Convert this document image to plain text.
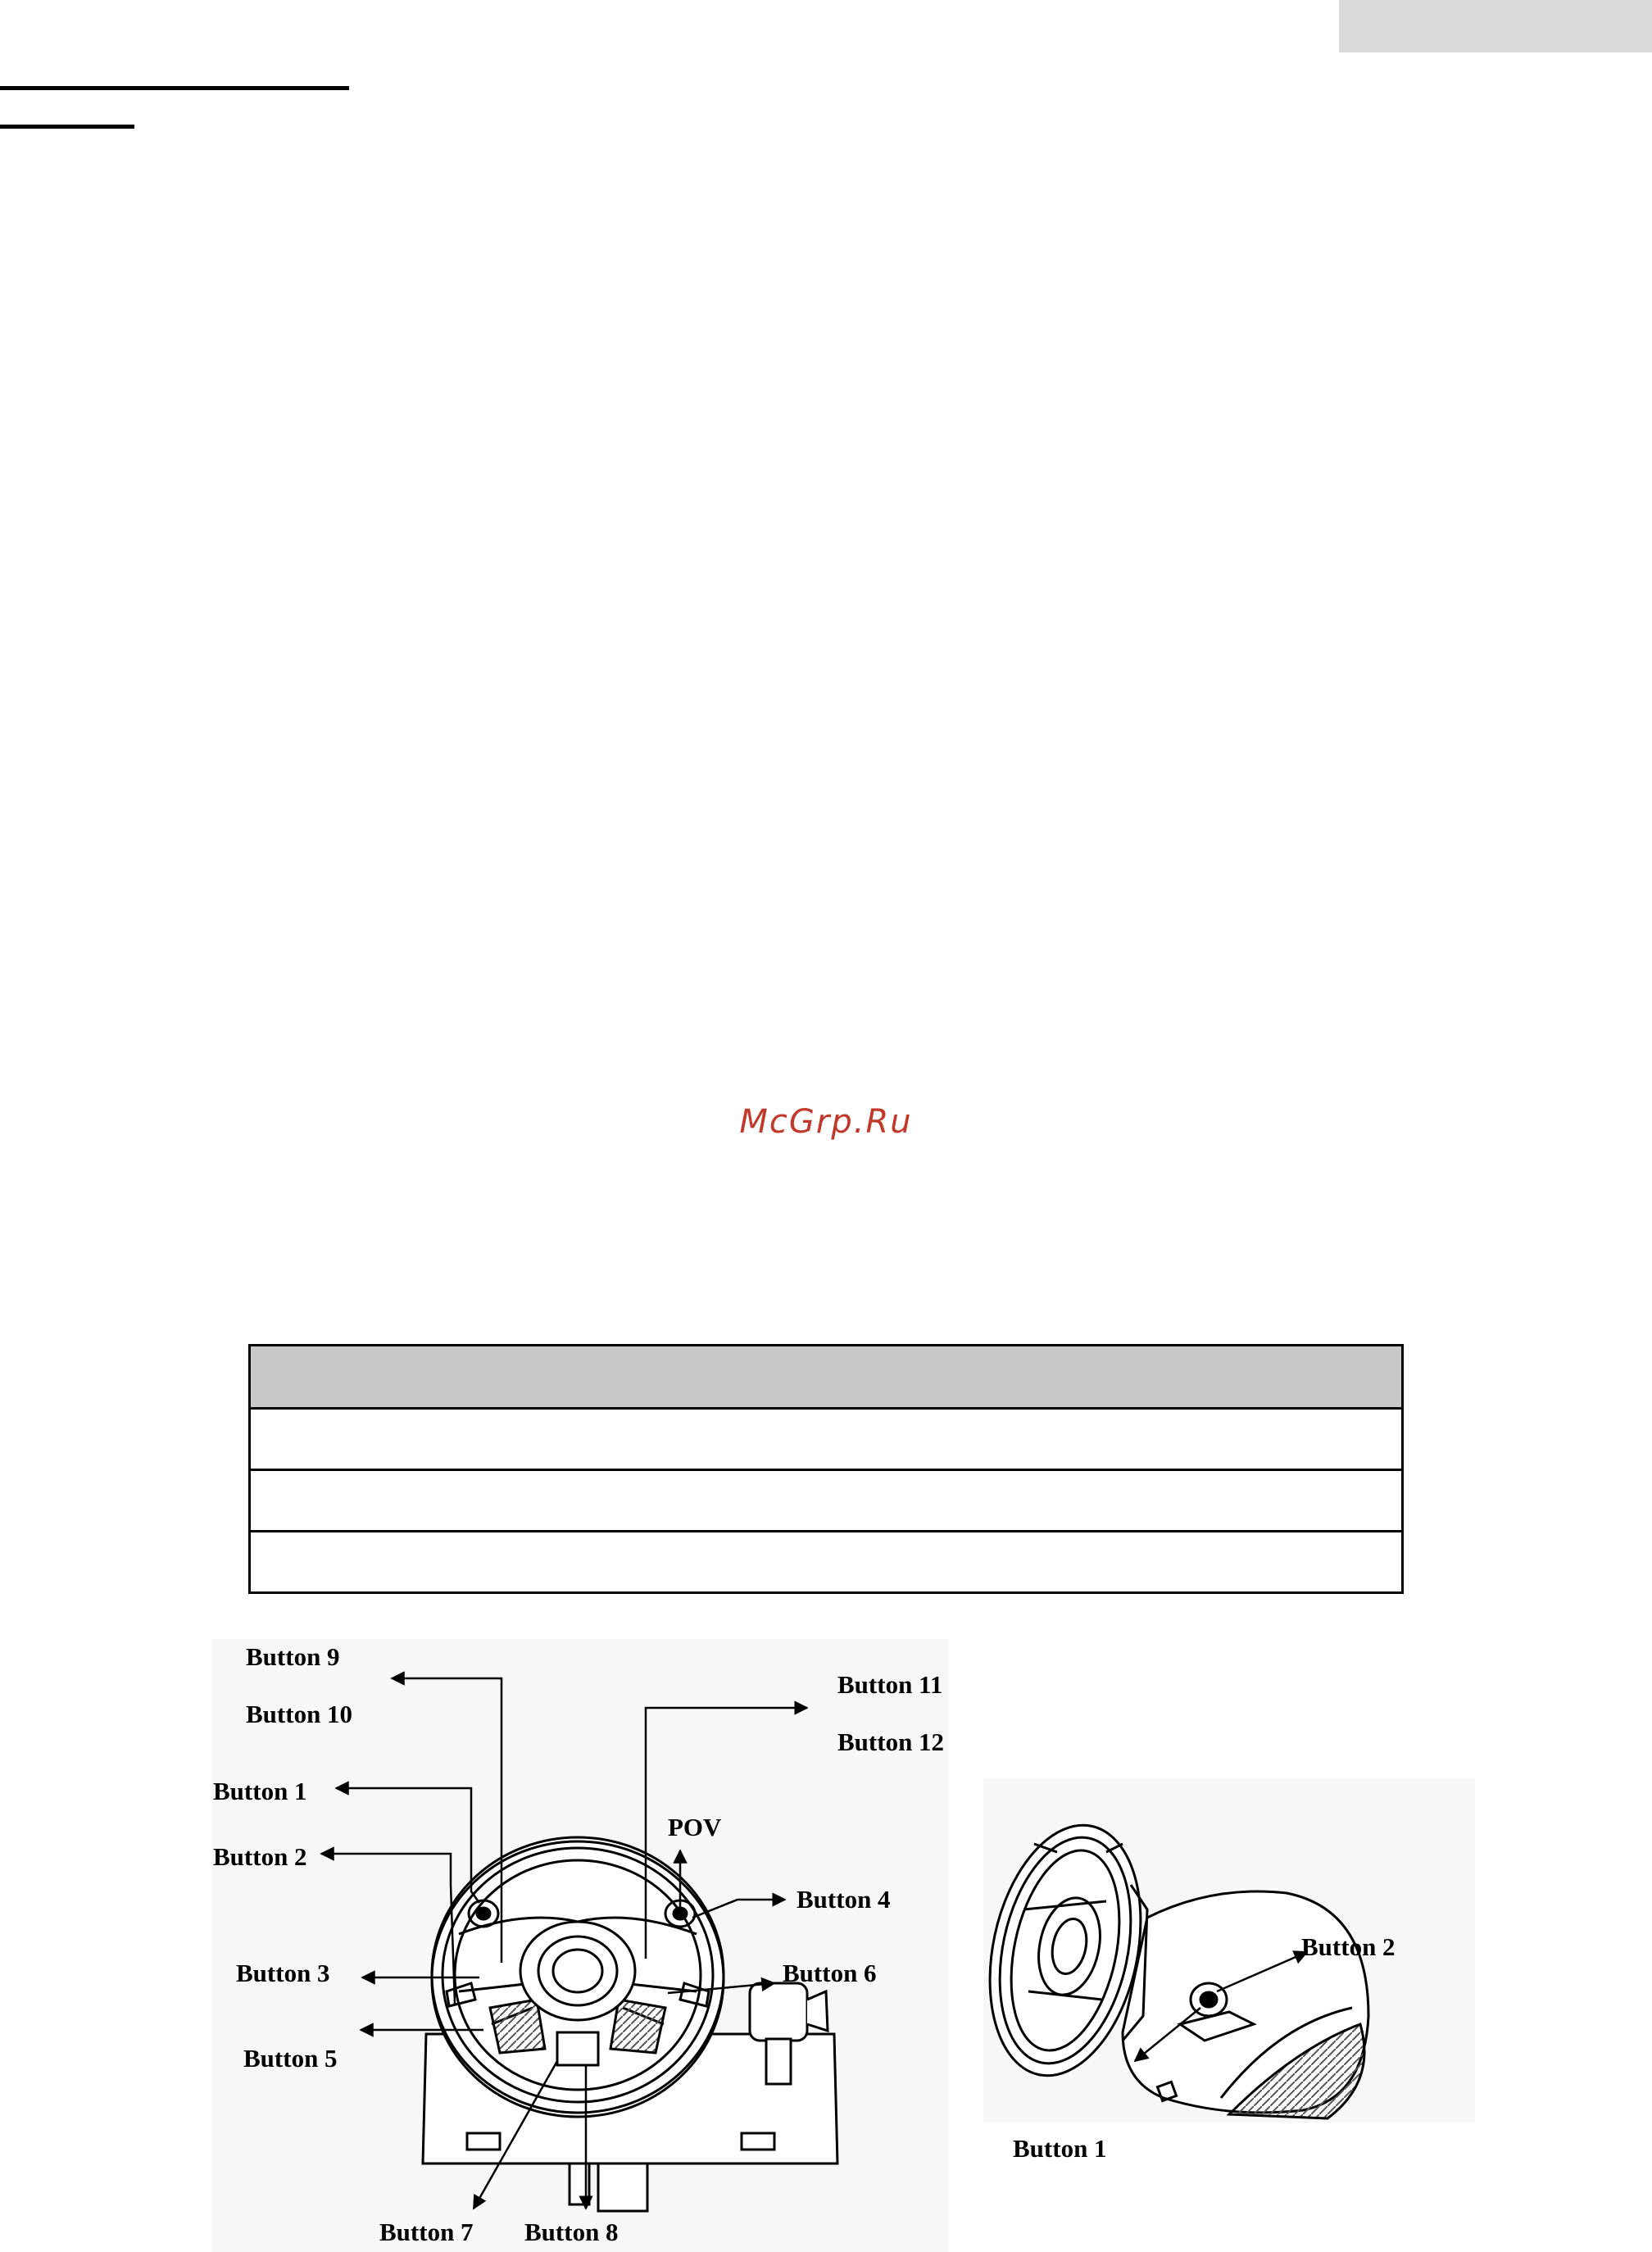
McGrp.Ru

Button 9
Button 10
Button 11
Button 12
Button 1
Button 2
POV
Button 4
Button 3	Button 6
Button 5
Button 7 Button 8
Button 2
Button 1
